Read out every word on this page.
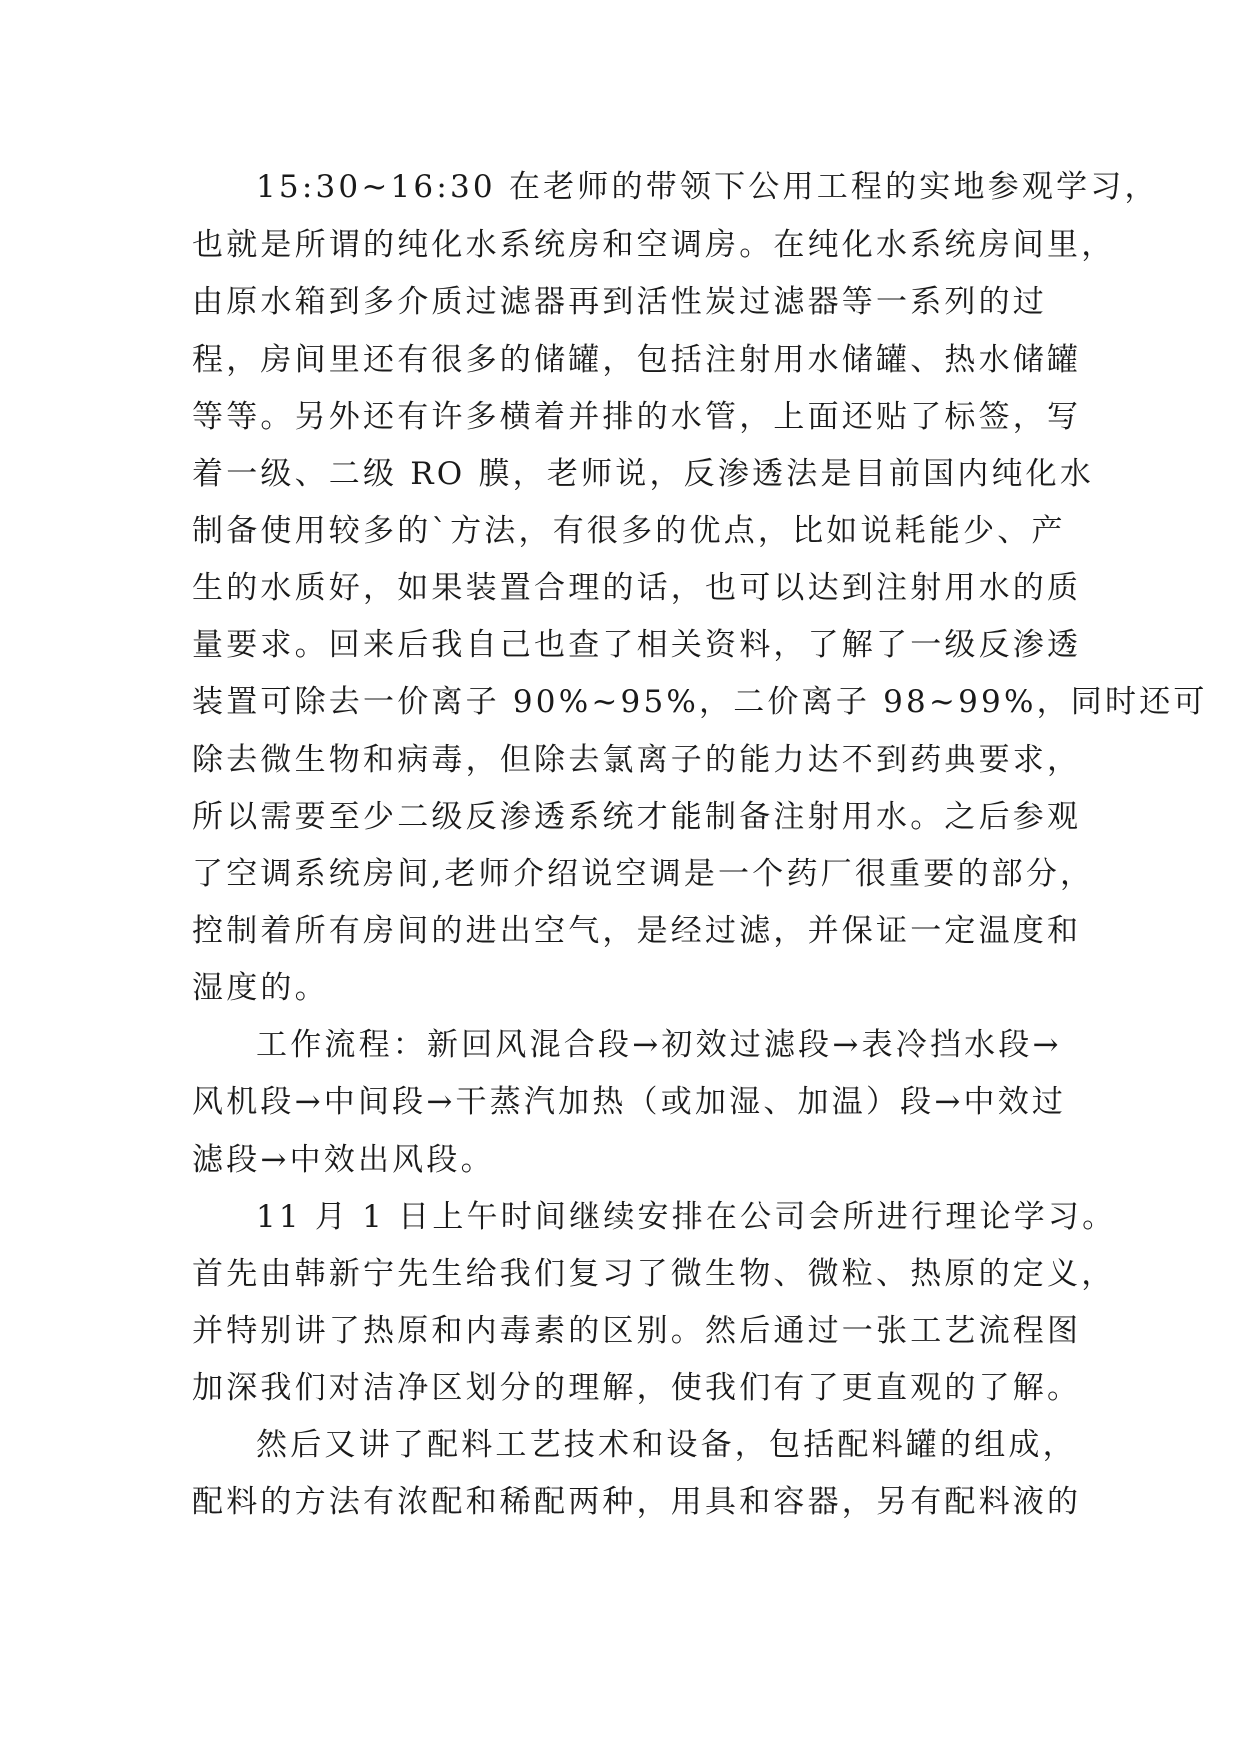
15:30~16:30 在老师的带领下公用工程的实地参观学习，
也就是所谓的纯化水系统房和空调房。在纯化水系统房间里，
由原水箱到多介质过滤器再到活性炭过滤器等一系列的过
程，房间里还有很多的储罐，包括注射用水储罐、热水储罐
等等。另外还有许多横着并排的水管，上面还贴了标签，写
着一级、二级 RO 膜，老师说，反渗透法是目前国内纯化水
制备使用较多的`方法，有很多的优点，比如说耗能少、产
生的水质好，如果装置合理的话，也可以达到注射用水的质
量要求。回来后我自己也查了相关资料，了解了一级反渗透
装置可除去一价离子 90%~95%，二价离子 98~99%，同时还可
除去微生物和病毒，但除去氯离子的能力达不到药典要求，
所以需要至少二级反渗透系统才能制备注射用水。之后参观
了空调系统房间,老师介绍说空调是一个药厂很重要的部分，
控制着所有房间的进出空气，是经过滤，并保证一定温度和
湿度的。
工作流程：新回风混合段→初效过滤段→表冷挡水段→
风机段→中间段→干蒸汽加热（或加湿、加温）段→中效过
滤段→中效出风段。
11 月 1 日上午时间继续安排在公司会所进行理论学习。
首先由韩新宁先生给我们复习了微生物、微粒、热原的定义，
并特别讲了热原和内毒素的区别。然后通过一张工艺流程图
加深我们对洁净区划分的理解，使我们有了更直观的了解。
然后又讲了配料工艺技术和设备，包括配料罐的组成，
配料的方法有浓配和稀配两种，用具和容器，另有配料液的
